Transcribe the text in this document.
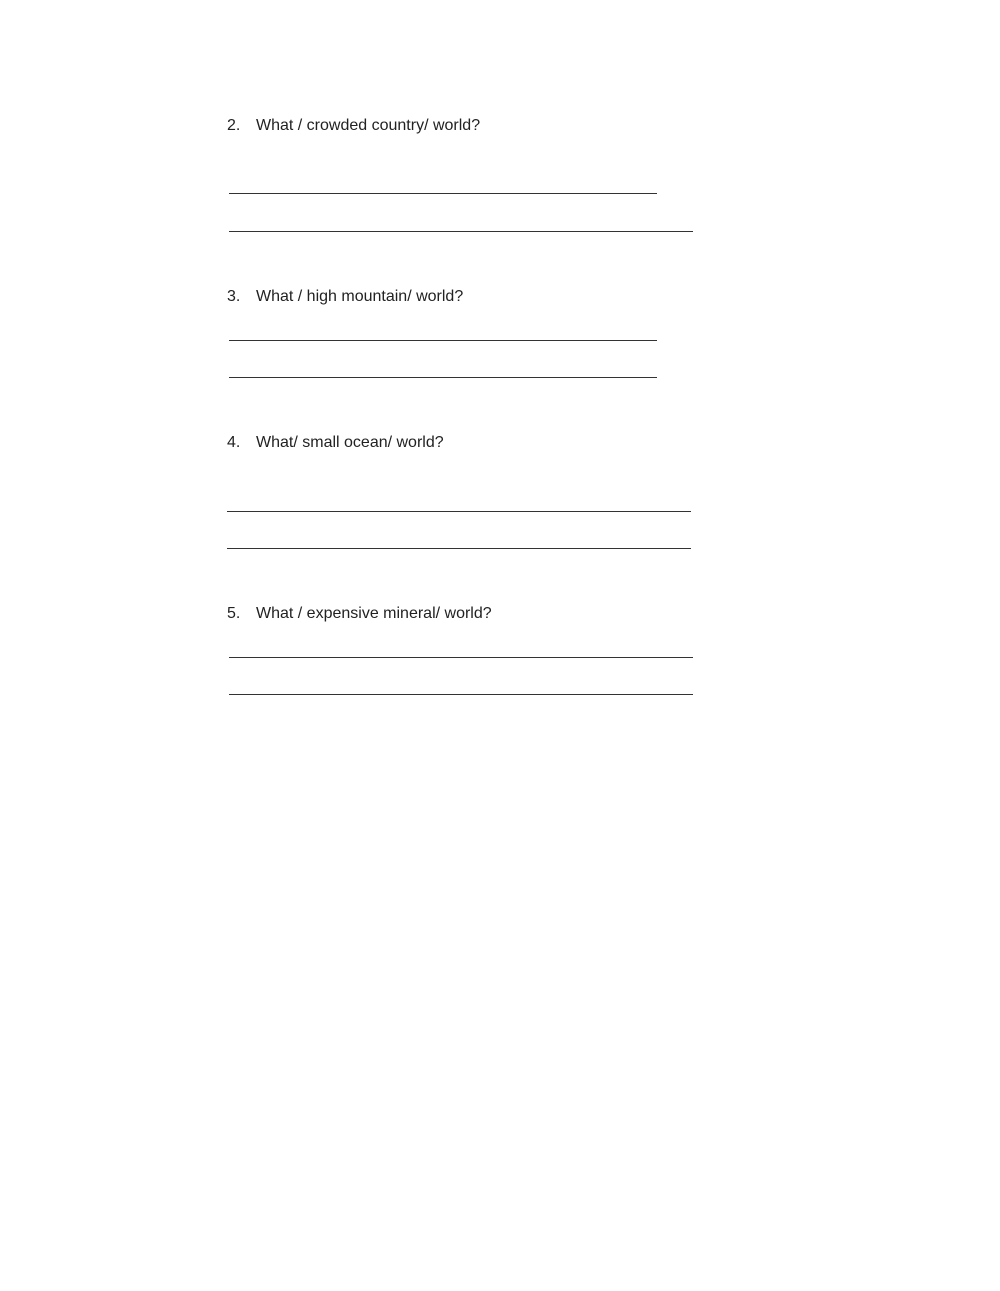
2. What / crowded country/ world?
3. What / high mountain/ world?
4. What/ small ocean/ world?
5. What / expensive mineral/ world?
